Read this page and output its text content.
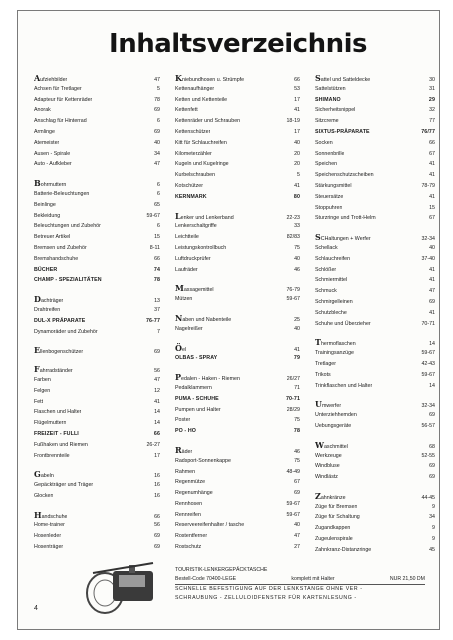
Inhaltsverzeichnis
Aufziehbilder	47
Achsen für Tretlager	5
Adapteur für Kettenräder	78
Anorak	69
Anschlag für Hinterrad	6
Armlinge	69
Atemeister	40
Ausen - Spirale	34
Auto - Aufkleber	47
Bohrmuttern	6
Batterie-Beleuchtungen	6
Beinlinge	65
Bekleidung	59-67
Beleuchtungen und Zubehör	6
Betreuer Artikel	15
Bremsen und Zubehör	8-11
Bremshandschuhe	66
BÜCHER	74
CHAMP - SPEZIALITÄTEN	78
Dachträger	13
Drahtreifen	37
DUL-X PRÄPARATE	76-77
Dynamoräder und Zubehör	7
Ellenbogenschützer	69
Fahrradständer	56
Farben	47
Felgen	12
Fett	41
Flaschen und Halter	14
Flügelmuttern	14
FREIZEIT - FULLI	66
Fußhaken und Riemen	26-27
Frontbrennteile	17
Gabeln	16
Gepäckträger und Träger	16
Glocken	16
Handschuhe	66
Home-trainer	56
Hosenleder	69
Hosenträger	69
Kniebundhosen u. Strümpfe	66
Kettenaufhänger	53
Ketten und Kettenteile	17
Kettenfett	41
Kettenräder und Schrauben	18-19
Kettenschützer	17
Kitt für Schlauchreifen	40
Kilometerzähler	20
Kugeln und Kugelringe	20
Kurbelschrauben	5
Kotschützer	41
KERNMARK	80
Lenker und Lenkerband	22-23
Lenkerschaltgriffe	33
Leichtteile	82/83
Leistungskontrollbuch	75
Luftdruckprüfer	40
Laufräder	46
Massagemittel	76-79
Mützen	59-67
Naben und Nabenteile	25
Nagelreißer	40
Öel	41
OLBAS - SPRAY	79
Pedalen - Haken - Riemen	26/27
Pedalklammern	71
PUMA - SCHUHE	70-71
Pumpen und Halter	28/29
Poster	75
PO - HO	78
Räder	46
Radsport-Sonnenkappe	75
Rahmen	48-49
Regenmütze	67
Regenumhänge	69
Rennhosen	59-67
Rennreifen	59-67
Reserveereifenhalter / tasche	40
Rostentferner	47
Rostschutz	27
Sattel und Satteldecke	30
Sattelstützen	31
SHIMANO	29
Sicherheitsnippel	32
Sitzcreme	77
SIXTUS-PRÄPARATE	76/77
Socken	66
Sonnenbrille	67
Speichen	41
Speichenschutzscheiben	41
Stärkungsmittel	78-79
Steuersätze	41
Stoppuhren	15
Sturzringe und Trott-Helm	67
SCHaltungen + Werfer	32-34
Schellack	40
Schlauchreifen	37-40
Schlößer	41
Schmiermittel	41
Schmuck	47
Schmirgelleinen	69
Schutzbleche	41
Schuhe und Überzieher	70-71
Thermoflaschen	14
Trainingsanzüge	59-67
Tretlager	42-43
Trikots	59-67
Trinkflaschen und Halter	14
Umwerfer	32-34
Unterziehhemden	69
Uebungsgeräte	56-57
Waschmittel	68
Werkzeuge	52-55
Windbluse	69
Windlästz	69
Zahnkränze	44-45
Züge für Bremsen	9
Züge für Schaltung	34
Zugandkappen	9
Zugeulenspirale	9
Zahnkranz-Distanzringe	45
TOURISTIK-LENKERGEPÄCKTASCHE
Bestell-Code 70400-LEGE	komplett mit Halter	NUR 21,50 DM
SCHNELLE BEFESTIGUNG AUF DER LENKSTANGE OHNE VER -
SCHRAUBUNG - ZELLULOIDFENSTER FÜR KARTENLESUNG -
4
